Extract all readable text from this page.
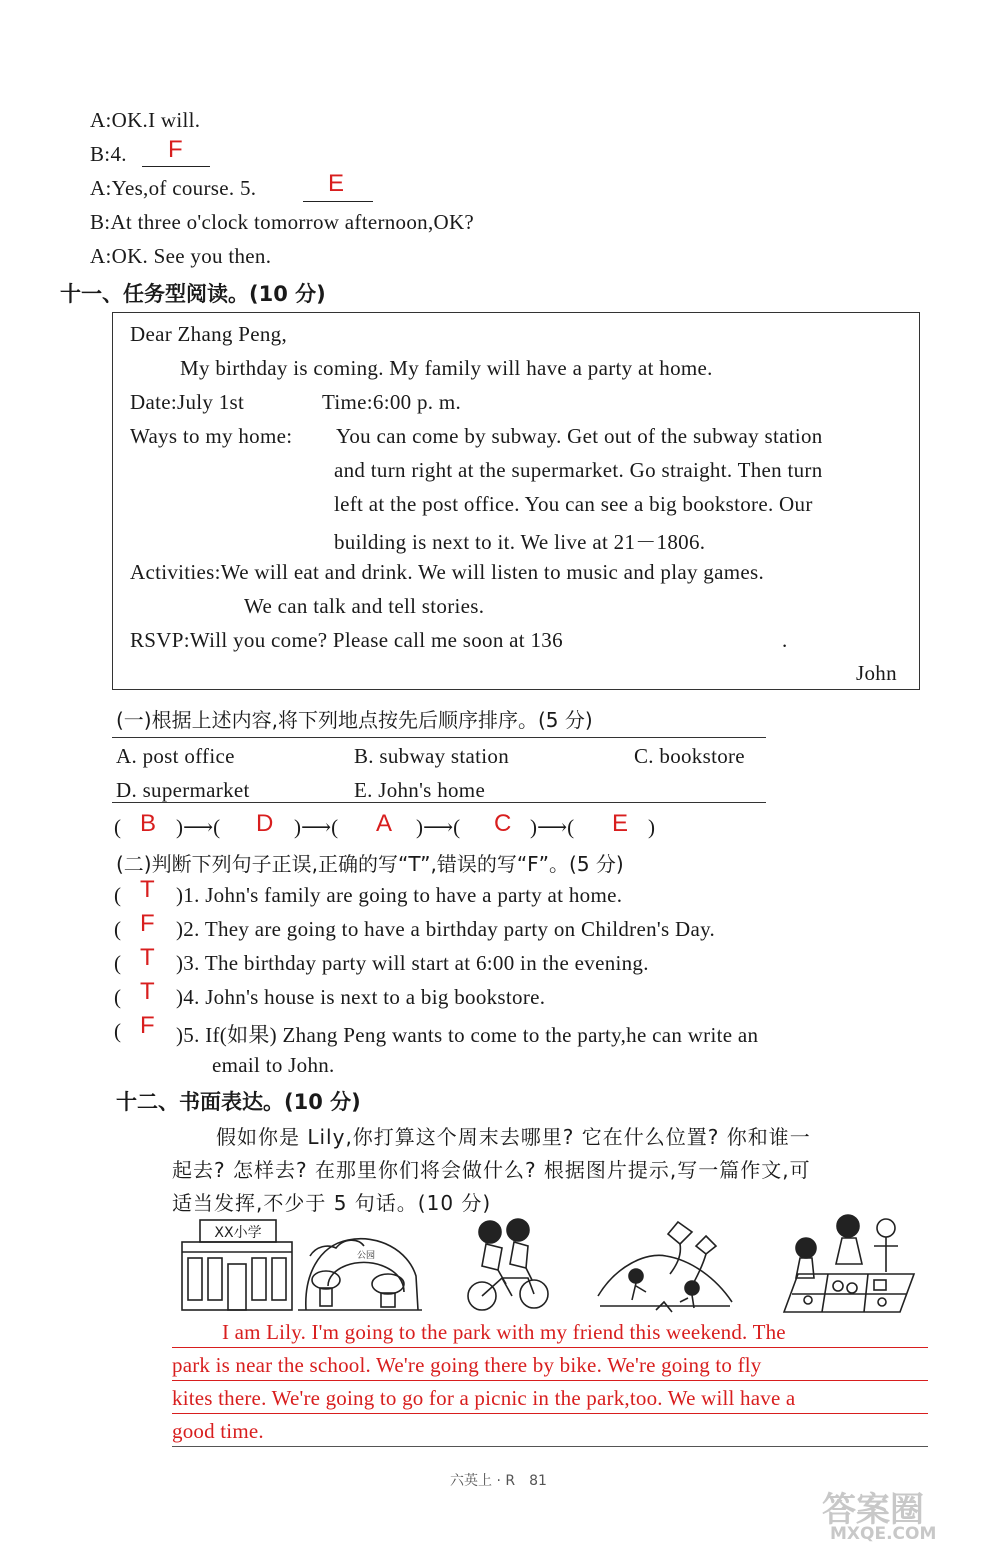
A:OK.I will.
B:4. F
A:Yes,of course. 5.	E
B:At three o'clock tomorrow afternoon,OK?
A:OK. See you then.
十一、任务型阅读。(10 分)
Dear Zhang Peng,
My birthday is coming. My family will have a party at home.
Date:July 1st	Time:6:00 p. m.
Ways to my home: You can come by subway. Get out of the subway station
and turn right at the supermarket. Go straight. Then turn
left at the post office. You can see a big bookstore. Our
building is next to it. We live at 21－1806.
Activities:We will eat and drink. We will listen to music and play games.
We can talk and tell stories.
RSVP:Will you come? Please call me soon at 136	.
John
(一)根据上述内容,将下列地点按先后顺序排序。(5 分)
A. post office	B. subway station	C. bookstore
D. supermarket	E. John's home
( B )⟶( D )⟶( A )⟶( C )⟶( E )
(二)判断下列句子正误,正确的写“T”,错误的写“F”。(5 分)
( T )1. John's family are going to have a party at home.
( F )2. They are going to have a birthday party on Children's Day.
( T )3. The birthday party will start at 6:00 in the evening.
( T )4. John's house is next to a big bookstore.
( F )5. If(如果) Zhang Peng wants to come to the party,he can write an
email to John.
十二、书面表达。(10 分)
假如你是 Lily,你打算这个周末去哪里? 它在什么位置? 你和谁一
起去? 怎样去? 在那里你们将会做什么? 根据图片提示,写一篇作文,可
适当发挥,不少于 5 句话。(10 分)
XX小学
公园
I am Lily. I'm going to the park with my friend this weekend. The
park is near the school. We're going there by bike. We're going to fly
kites there. We're going to go for a picnic in the park,too. We will have a
good time.
六英上 · R　81
答案圈
MXQE.COM
